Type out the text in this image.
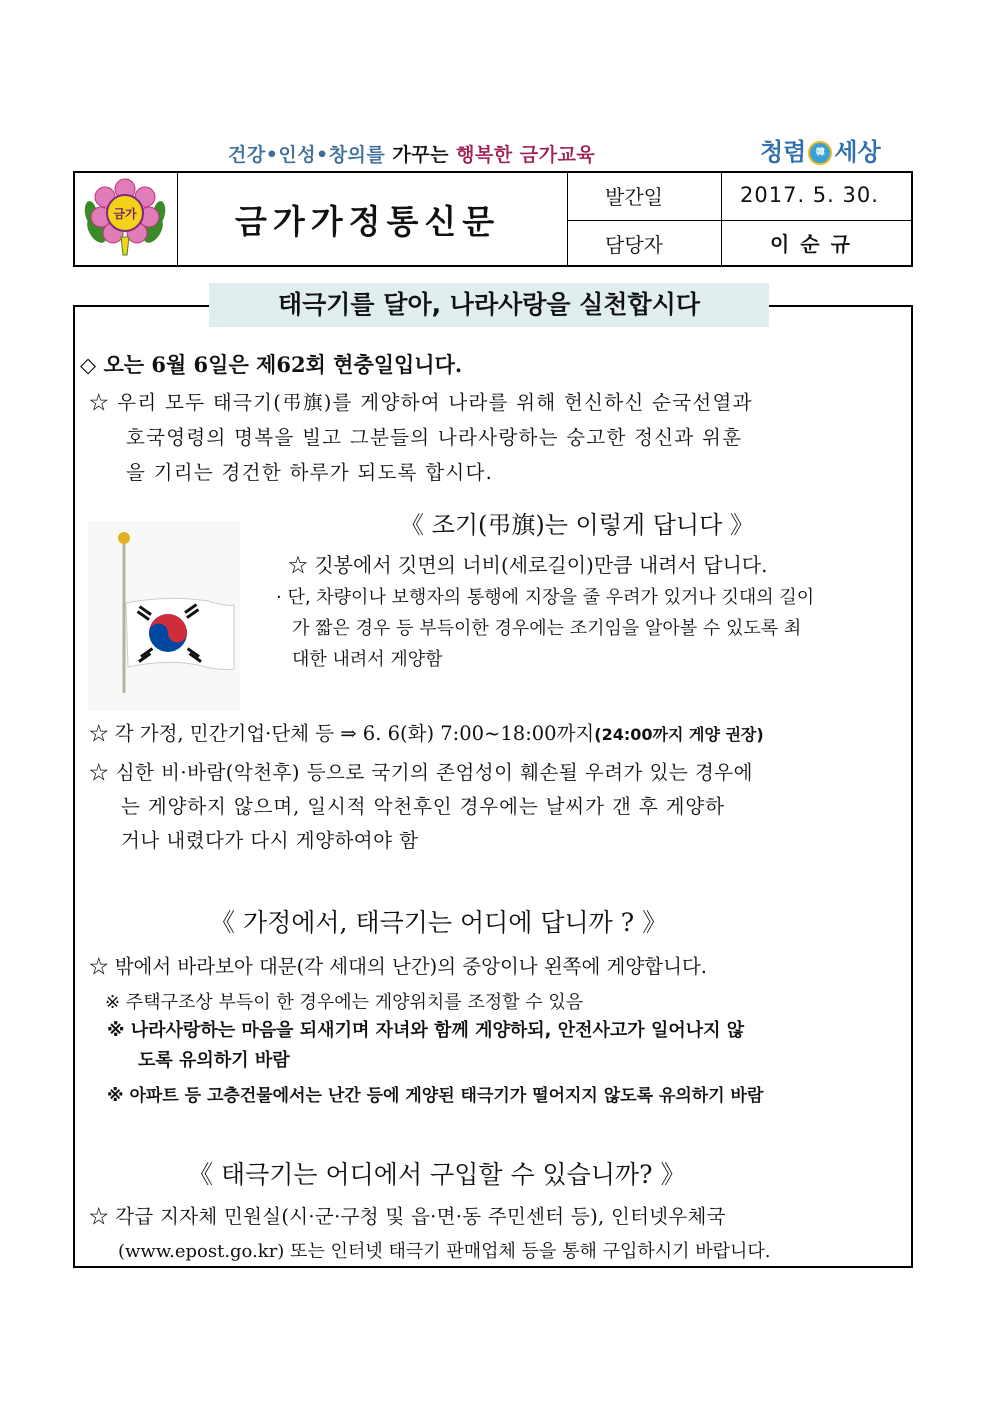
건강•인성•창의를 가꾸는 행복한 금가교육	청렴 韓 세상
금가	금가가정통신문
발간일	2017. 5. 30.
담당자	이 순 규
태극기를 달아, 나라사랑을 실천합시다
◇ 오는 6월 6일은 제62회 현충일입니다.
☆ 우리 모두 태극기(弔旗)를 게양하여 나라를 위해 헌신하신 순국선열과
호국영령의 명복을 빌고 그분들의 나라사랑하는 숭고한 정신과 위훈
을 기리는 경건한 하루가 되도록 합시다.
《 조기(弔旗)는 이렇게 답니다 》
☆ 깃봉에서 깃면의 너비(세로길이)만큼 내려서 답니다.
· 단, 차량이나 보행자의 통행에 지장을 줄 우려가 있거나 깃대의 길이
가 짧은 경우 등 부득이한 경우에는 조기임을 알아볼 수 있도록 최
대한 내려서 게양함
☆ 각 가정, 민간기업·단체 등 ⇒ 6. 6(화) 7:00~18:00까지(24:00까지 게양 권장)
☆ 심한 비·바람(악천후) 등으로 국기의 존엄성이 훼손될 우려가 있는 경우에
는 게양하지 않으며, 일시적 악천후인 경우에는 날씨가 갠 후 게양하
거나 내렸다가 다시 게양하여야 함
《 가정에서, 태극기는 어디에 답니까 ? 》
☆ 밖에서 바라보아 대문(각 세대의 난간)의 중앙이나 왼쪽에 게양합니다.
※ 주택구조상 부득이 한 경우에는 게양위치를 조정할 수 있음
※ 나라사랑하는 마음을 되새기며 자녀와 함께 게양하되, 안전사고가 일어나지 않
도록 유의하기 바람
※ 아파트 등 고층건물에서는 난간 등에 게양된 태극기가 떨어지지 않도록 유의하기 바람
《 태극기는 어디에서 구입할 수 있습니까? 》
☆ 각급 지자체 민원실(시·군·구청 및 읍·면·동 주민센터 등), 인터넷우체국
(www.epost.go.kr) 또는 인터넷 태극기 판매업체 등을 통해 구입하시기 바랍니다.
